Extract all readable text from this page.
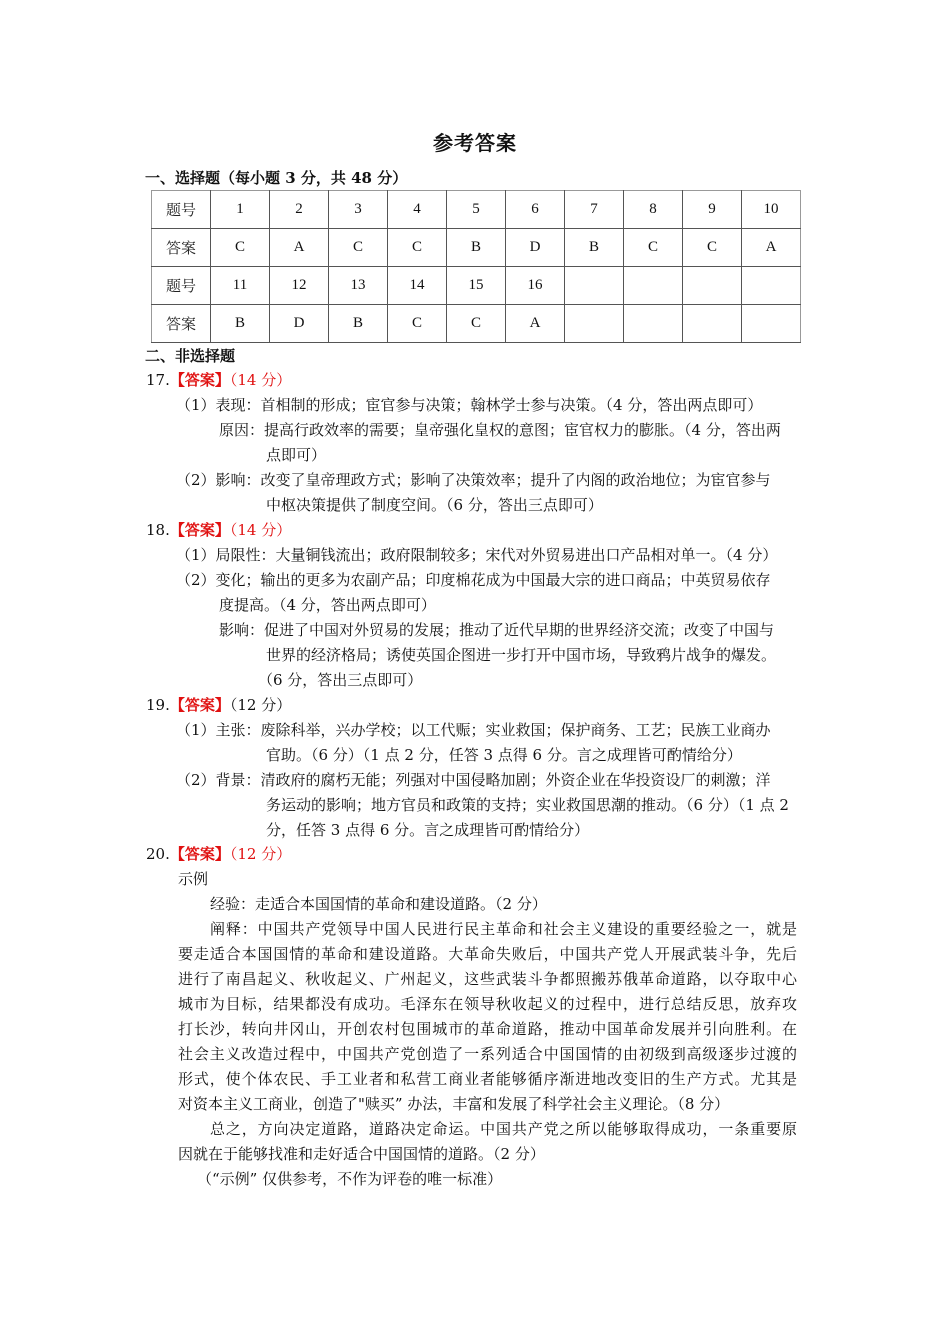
参考答案
一、选择题（每小题 3 分，共 48 分）
题号	1	2	3	4	5	6	7	8	9	10
答案	C	A	C	C	B	D	B	C	C	A
题号	11	12	13	14	15	16				
答案	B	D	B	C	C	A				
二、非选择题
17.【答案】（14 分）
（1）表现：首相制的形成；宦官参与决策；翰林学士参与决策。（4 分，答出两点即可）
原因：提高行政效率的需要；皇帝强化皇权的意图；宦官权力的膨胀。（4 分，答出两
点即可）
（2）影响：改变了皇帝理政方式；影响了决策效率；提升了内阁的政治地位；为宦官参与
中枢决策提供了制度空间。（6 分，答出三点即可）
18.【答案】（14 分）
（1）局限性：大量铜钱流出；政府限制较多；宋代对外贸易进出口产品相对单一。（4 分）
（2）变化；输出的更多为农副产品；印度棉花成为中国最大宗的进口商品；中英贸易依存
度提高。（4 分，答出两点即可）
影响：促进了中国对外贸易的发展；推动了近代早期的世界经济交流；改变了中国与
世界的经济格局；诱使英国企图进一步打开中国市场，导致鸦片战争的爆发。
（6 分，答出三点即可）
19.【答案】（12 分）
（1）主张：废除科举，兴办学校；以工代赈；实业救国；保护商务、工艺；民族工业商办
官助。（6 分）（1 点 2 分，任答 3 点得 6 分。言之成理皆可酌情给分）
（2）背景：清政府的腐朽无能；列强对中国侵略加剧；外资企业在华投资设厂的刺激；洋
务运动的影响；地方官员和政策的支持；实业救国思潮的推动。（6 分）（1 点 2
分，任答 3 点得 6 分。言之成理皆可酌情给分）
20.【答案】（12 分）
示例
经验：走适合本国国情的革命和建设道路。（2 分）
阐释：中国共产党领导中国人民进行民主革命和社会主义建设的重要经验之一，就是
要走适合本国国情的革命和建设道路。大革命失败后，中国共产党人开展武装斗争，先后
进行了南昌起义、秋收起义、广州起义，这些武装斗争都照搬苏俄革命道路，以夺取中心
城市为目标，结果都没有成功。毛泽东在领导秋收起义的过程中，进行总结反思，放弃攻
打长沙，转向井冈山，开创农村包围城市的革命道路，推动中国革命发展并引向胜利。在
社会主义改造过程中，中国共产党创造了一系列适合中国国情的由初级到高级逐步过渡的
形式，使个体农民、手工业者和私营工商业者能够循序渐进地改变旧的生产方式。尤其是
对资本主义工商业，创造了"赎买” 办法，丰富和发展了科学社会主义理论。（8 分）
总之，方向决定道路，道路决定命运。中国共产党之所以能够取得成功，一条重要原
因就在于能够找准和走好适合中国国情的道路。（2 分）
（“示例” 仅供参考，不作为评卷的唯一标准）
